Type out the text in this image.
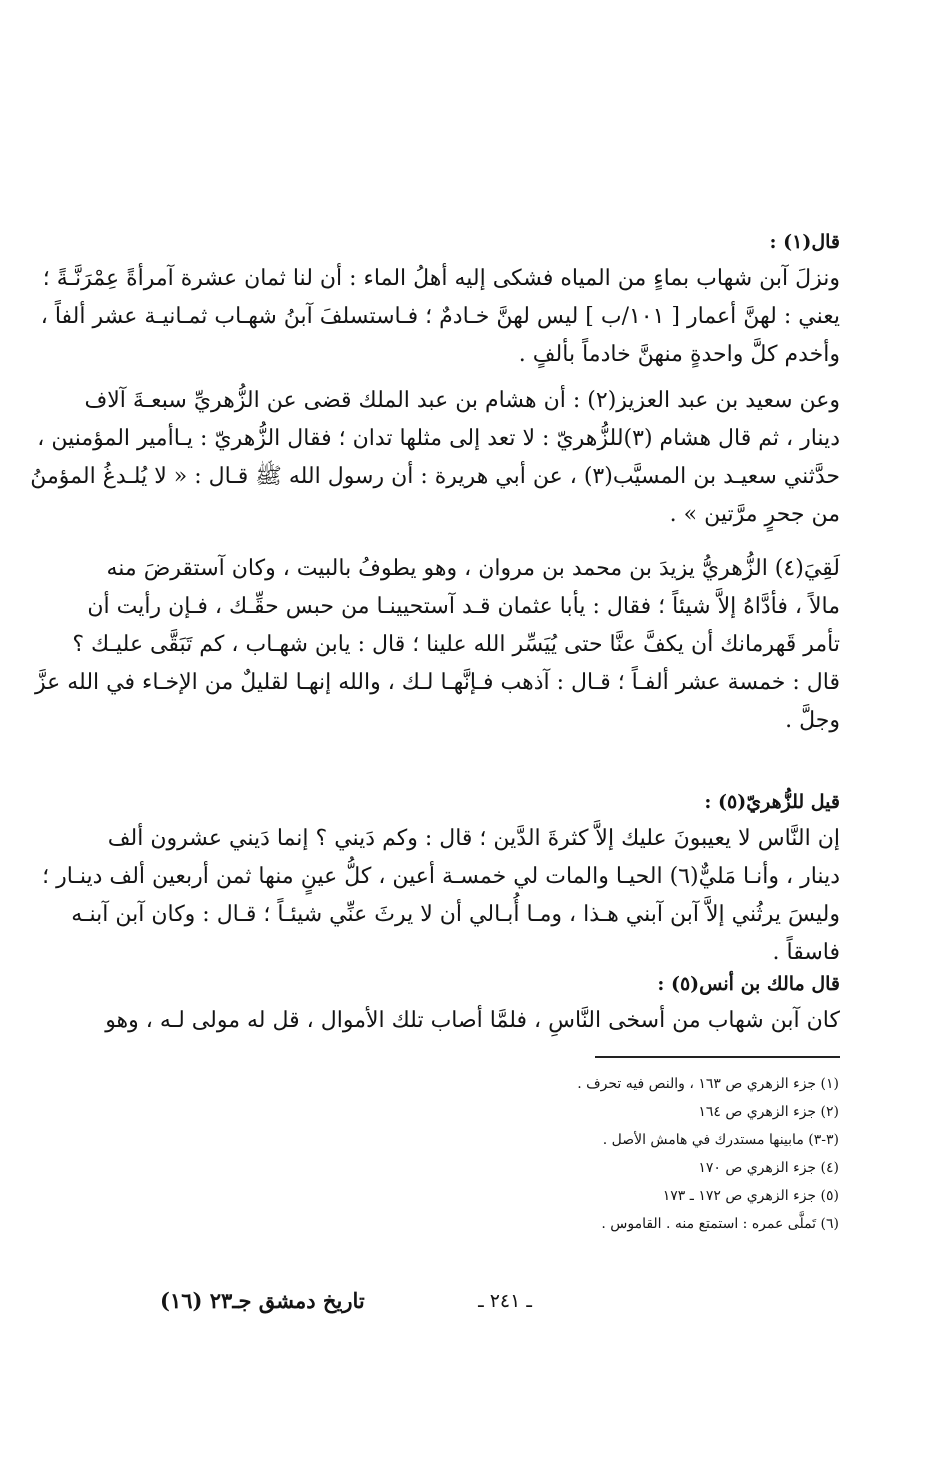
قال(١) :
ونزلَ آبن شهاب بماءٍ من المياه فشكى إليه أهلُ الماء : أن لنا ثمان عشرة آمرأةً عِمْرَنَّـةً ؛
يعني : لهنَّ أعمار [ ١٠١/ب ] ليس لهنَّ خـادمٌ ؛ فـاستسلفَ آبنُ شهـاب ثمـانيـة عشر ألفاً ،
وأخدم كلَّ واحدةٍ منهنَّ خادماً بألفٍ .
وعن سعيد بن عبد العزيز(٢) : أن هشام بن عبد الملك قضى عن الزُّهريِّ سبعـةَ آلاف
دينار ، ثم قال هشام (٣)للزُّهريّ : لا تعد إلى مثلها تدان ؛ فقال الزُّهريّ : يـاأمير المؤمنين ،
حدَّثني سعيـد بن المسيَّب(٣) ، عن أبي هريرة : أن رسول الله ﷺ قـال : « لا يُلـدغُ المؤمنُ
من جحرٍ مرَّتين » .
لَقِيَ(٤) الزُّهريُّ يزيدَ بن محمد بن مروان ، وهو يطوفُ بالبيت ، وكان آستقرضَ منه
مالاً ، فأدَّاهُ إلاَّ شيئاً ؛ فقال : يأبا عثمان قـد آستحيينـا من حبس حقِّـك ، فـإن رأيت أن
تأمر قَهرمانك أن يكفَّ عنَّا حتى يُيَسِّر الله علينا ؛ قال : يابن شهـاب ، كم تَبَقَّى عليـك ؟
قال : خمسة عشر ألفـاً ؛ قـال : آذهب فـإنَّهـا لـك ، والله إنهـا لقليلٌ من الإخـاء في الله عزَّ
وجلَّ .
قيل للزُّهريّ(٥) :
إن النَّاس لا يعيبونَ عليك إلاَّ كثرةَ الدَّين ؛ قال : وكم دَيني ؟ إنما دَيني عشرون ألف
دينار ، وأنـا مَليٌّ(٦) الحيـا والمات لي خمسـة أعين ، كلُّ عينٍ منها ثمن أربعين ألف دينـار ؛
وليسَ يرثُني إلاَّ آبن آبني هـذا ، ومـا أُبـالي أن لا يرثَ عنِّي شيئـاً ؛ قـال : وكان آبن آبنـه
فاسقاً .
قال مالك بن أنس(٥) :
كان آبن شهاب من أسخى النَّاسِ ، فلمَّا أصاب تلك الأموال ، قل له مولى لـه ، وهو
(١) جزء الزهري ص ١٦٣ ، والنص فيه تحرف .
(٢) جزء الزهري ص ١٦٤
(٣-٣) مابينها مستدرك في هامش الأصل .
(٤) جزء الزهري ص ١٧٠
(٥) جزء الزهري ص ١٧٢ ـ ١٧٣
(٦) تَملَّى عمره : استمتع منه . القاموس .
ـ ٢٤١ ـ
تاريخ دمشق جـ٢٣ (١٦)
